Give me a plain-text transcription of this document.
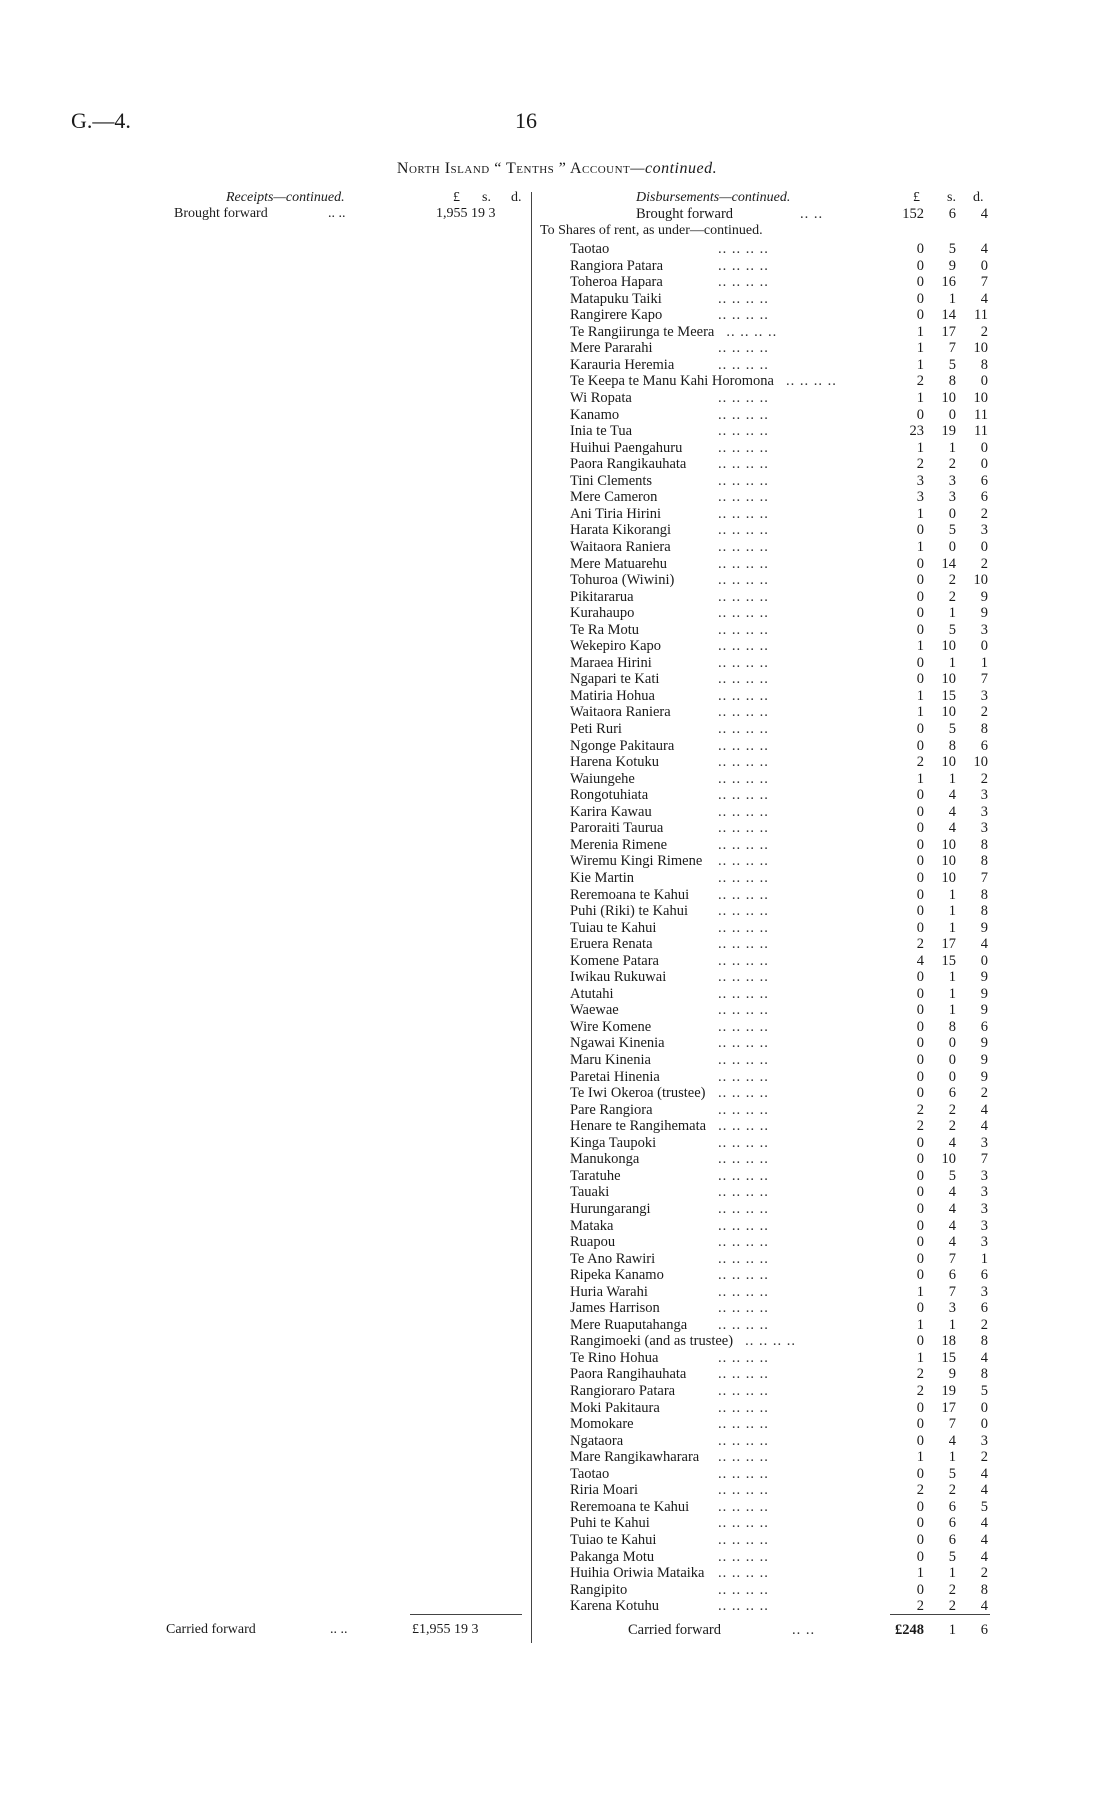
G.—4.	16
North Island “ Tenths ” Account—continued.
Receipts—continued.	£ s. d.
Brought forward	.. ..	1,955 19 3
Carried forward	.. ..	£1,955 19 3
Disbursements—continued.	£ s. d.
Brought forward	.. ..	152	6	4
To Shares of rent, as under—continued.
Taotao	.. .. .. ..	0	5	4
Rangiora Patara	.. .. .. ..	0	9	0
Toheroa Hapara	.. .. .. ..	0	16	7
Matapuku Taiki	.. .. .. ..	0	1	4
Rangirere Kapo	.. .. .. ..	0	14	11
Te Rangiirunga te Meera .. .. .. ..	1	17	2
Mere Pararahi	.. .. .. ..	1	7	10
Karauria Heremia	.. .. .. ..	1	5	8
Te Keepa te Manu Kahi Horomona .. .. .. ..	2	8	0
Wi Ropata	.. .. .. ..	1	10	10
Kanamo	.. .. .. ..	0	0	11
Inia te Tua	.. .. .. ..	23	19	11
Huihui Paengahuru .. .. .. ..	1	1	0
Paora Rangikauhata .. .. .. ..	2	2	0
Tini Clements	.. .. .. ..	3	3	6
Mere Cameron	.. .. .. ..	3	3	6
Ani Tiria Hirini	.. .. .. ..	1	0	2
Harata Kikorangi	.. .. .. ..	0	5	3
Waitaora Raniera	.. .. .. ..	1	0	0
Mere Matuarehu	.. .. .. ..	0	14	2
Tohuroa (Wiwini)	.. .. .. ..	0	2	10
Pikitararua	.. .. .. ..	0	2	9
Kurahaupo	.. .. .. ..	0	1	9
Te Ra Motu	.. .. .. ..	0	5	3
Wekepiro Kapo	.. .. .. ..	1	10	0
Maraea Hirini	.. .. .. ..	0	1	1
Ngapari te Kati	.. .. .. ..	0	10	7
Matiria Hohua	.. .. .. ..	1	15	3
Waitaora Raniera	.. .. .. ..	1	10	2
Peti Ruri	.. .. .. ..	0	5	8
Ngonge Pakitaura	.. .. .. ..	0	8	6
Harena Kotuku	.. .. .. ..	2	10	10
Waiungehe	.. .. .. ..	1	1	2
Rongotuhiata	.. .. .. ..	0	4	3
Karira Kawau	.. .. .. ..	0	4	3
Paroraiti Taurua	.. .. .. ..	0	4	3
Merenia Rimene	.. .. .. ..	0	10	8
Wiremu Kingi Rimene .. .. .. ..	0	10	8
Kie Martin	.. .. .. ..	0	10	7
Reremoana te Kahui .. .. .. ..	0	1	8
Puhi (Riki) te Kahui .. .. .. ..	0	1	8
Tuiau te Kahui	.. .. .. ..	0	1	9
Eruera Renata	.. .. .. ..	2	17	4
Komene Patara	.. .. .. ..	4	15	0
Iwikau Rukuwai	.. .. .. ..	0	1	9
Atutahi	.. .. .. ..	0	1	9
Waewae	.. .. .. ..	0	1	9
Wire Komene	.. .. .. ..	0	8	6
Ngawai Kinenia	.. .. .. ..	0	0	9
Maru Kinenia	.. .. .. ..	0	0	9
Paretai Hinenia	.. .. .. ..	0	0	9
Te Iwi Okeroa (trustee) .. .. .. ..	0	6	2
Pare Rangiora	.. .. .. ..	2	2	4
Henare te Rangihemata .. .. .. ..	2	2	4
Kinga Taupoki	.. .. .. ..	0	4	3
Manukonga	.. .. .. ..	0	10	7
Taratuhe	.. .. .. ..	0	5	3
Tauaki	.. .. .. ..	0	4	3
Hurungarangi	.. .. .. ..	0	4	3
Mataka	.. .. .. ..	0	4	3
Ruapou	.. .. .. ..	0	4	3
Te Ano Rawiri	.. .. .. ..	0	7	1
Ripeka Kanamo	.. .. .. ..	0	6	6
Huria Warahi	.. .. .. ..	1	7	3
James Harrison	.. .. .. ..	0	3	6
Mere Ruaputahanga .. .. .. ..	1	1	2
Rangimoeki (and as trustee) .. .. .. ..	0	18	8
Te Rino Hohua	.. .. .. ..	1	15	4
Paora Rangihauhata .. .. .. ..	2	9	8
Rangioraro Patara	.. .. .. ..	2	19	5
Moki Pakitaura	.. .. .. ..	0	17	0
Momokare	.. .. .. ..	0	7	0
Ngataora	.. .. .. ..	0	4	3
Mare Rangikawharara .. .. .. ..	1	1	2
Taotao	.. .. .. ..	0	5	4
Riria Moari	.. .. .. ..	2	2	4
Reremoana te Kahui .. .. .. ..	0	6	5
Puhi te Kahui	.. .. .. ..	0	6	4
Tuiao te Kahui	.. .. .. ..	0	6	4
Pakanga Motu	.. .. .. ..	0	5	4
Huihia Oriwia Mataika .. .. .. ..	1	1	2
Rangipito	.. .. .. ..	0	2	8
Karena Kotuhu	.. .. .. ..	2	2	4
Carried forward	.. ..	£248	1	6
